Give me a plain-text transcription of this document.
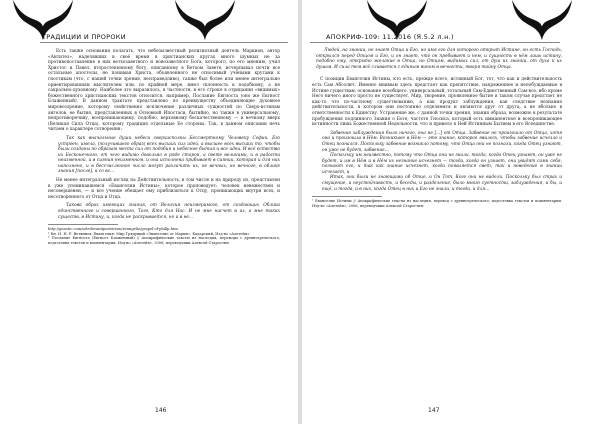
ТРАДИЦИИ И ПРОРОКИ

Есть также основания полагать, что небезызвестный религиозный деятель Маркион, автор «Антитез», наделявших в своё время в христианских кругах много шумных не за противопоставление в них ветхозаветного и новозаветного Бога, которого, по его мнению, учил Христос и Павел, второстепенному богу, описанному в Ветхом Завете, исчерпывал почти все остальные апостолы, не понимая Христа, объявленного не относимый учёными кругами к гностикам (что, с нашей точки зрения, несправедливо), также был более или менее интегрально ориентированным мыслителем или, по крайней мере, имел склонность к подобному, а не сакрально-духовному. Наиболее это выразилось, в частности, в его строке в отрицании «видимых» божественного христианских текстов относится, например, Послание Евгноста (оно же Евгност Блаженный). В данном трактате представлено по преимуществу объединяющее духовное мировоззрение, которому свойственно исключение различных сущностей по Сверх-истинам ангелов, ее бытия, представленных в Основной Ипостаси, бытийно, но также в универсальному, непротиворечиву, всепроникающему, подобно, верховному бескачественному — и вечному вверх (Великая Сила Отца), которому традиция отдельные Ее стороны. Так, в данном описании нечь читаем о характере сотворения:

Так как вначальные души небеса сверхисполны Бессмертному Человеку Софии. Его устроен, имела, (получившего образ) всех высших сил идей, а высшее всех высших то, чтобы были созданы по образам места сил от подобия и небесное бытия и все идеи. И всё естество их Бесконечного, от чего видимо довольно в ряде сторон, а свете великими, и в радости неизменной, и в сияния неизменном, и она исполнена прибывает в сиянии, которая и для них наполнено, и в бессчисленное число могут различить их, не вечных, но вечного, в облике знания [после], и со вс...

Не менее интегральный взгляд на Действительность, в том числе и на природу из, представлен в уже упоминавшемся «Евангелии Истины», которое проповедует: человек невежествен и несовершенен, — и все учение обещает ему приблизиться к Отцу, проникающих внутри всех, и несотворенного от Отца и Отца.

Такова образ имеющих знания, от Величия неизмеримого, от создающих Облика единственного и совершенного, Того, Кто для Нас. И не мне насчет в их, а мне таких существ, в Истину, и, когда не раскрывается, но и в не...

http://gnostic.com/seledevantgnosticism/evangelie/gospel-of-philip.htm
¹ Кн. И. Н. Р. Ветвинов. Евангелия: Мир Грядущий «Эвангелие от Марии». Кадарский, Изд-во «Алетейя».
² Послание Евгноста (Евгност Блаженный) // Апокрифические тексты из наследия, переводы с древнегреческого, подготовка текстов и комментарии. Изд-во «Алетейя», 2006; переводчики Алексей Старостин.
146
АПОКРИФ-109: 11.2016 (Я.5.2 л.н.)

Людей, на знании, не знает Отца и Его, но имя его для которого открыт Истине, он есть Господь, открылся перед Отцом и Его, и он знает, что он пребывает и нем, и сущность в нём лишь истину, подобно ему, открыто желание в Отца, но Отцом, видимых сил, от душ их знании, от духа к их душам. И сила тем всё сливается с единым вином в вечности, творя тайну Отца.

С позиции Евангелия Истины, кто есть, прежде всего, истинный Бог, тот, что как и действительность есть Сам Абсолют. Именно мнимым здесь предстает как препятствие, напряженнее и непобуждаемые в Истине существам, основание всеобщего, универсальный, тотальный Сам-Единственный Сам-все, ибо кроме Него ничего иного просто не существует. Мир, творение, проявленное бытие в таком случае предстает не как-то что по-частному существованию, а как продукт заблуждения, как следствие незнания действительности, в котором они постоянно отделяемся и являются друг от друга, а не вбольно в ответственности к Единству. Устранение же, с данной точки зрения, знания образа, возможно в результате пробуждения подлинного Знания о Боге, частоте Гносиса, который есть имманентное и всепроникающее истинности лишь Божественной Недельности, что и привело к Ней Истинным Бытием в его Всеединстве.

Забвение заблуждения было ничего, она не [...] от Отца. Забвение не произошло от Отца, хотя она и произошла в Нём. Возникшее в Нём — это знание, которое явилось, чтобы забвение исчезло и Отец познался. Поскольку забвение возникло потому, что Отца они не познали, когда Отец узнают, он уже не будет, забвение...

Поскольку им неизвестно, потому что Отца они не знали, тогда, когда Отец узнают, он уже не будет, и им в Нём и в Нём их незнание исчезнет — тогда, когда он узнает, они увидят сами себя, познают его, и так как знание исчезнет, когда появляется свет, так и неведение в знании исчезает, и

Итак, они были не знающими об Отце, и Он Тот, Кого они не видели. Поскольку был страх и смущение, и неустойчивость, и беседы, и разделение, было много суетности, заблуждения, и бы, и ещё, и тогда, и в них, когда Отец в них и Его не знали, и тогда, и для...

¹ Евангелие Истины // Апокрифические тексты из наследия, перевод с древнегреческого, подготовка текстов и комментарии. Изд-во «Алетейя», 2006, переводчики Алексей Старостин.
147
